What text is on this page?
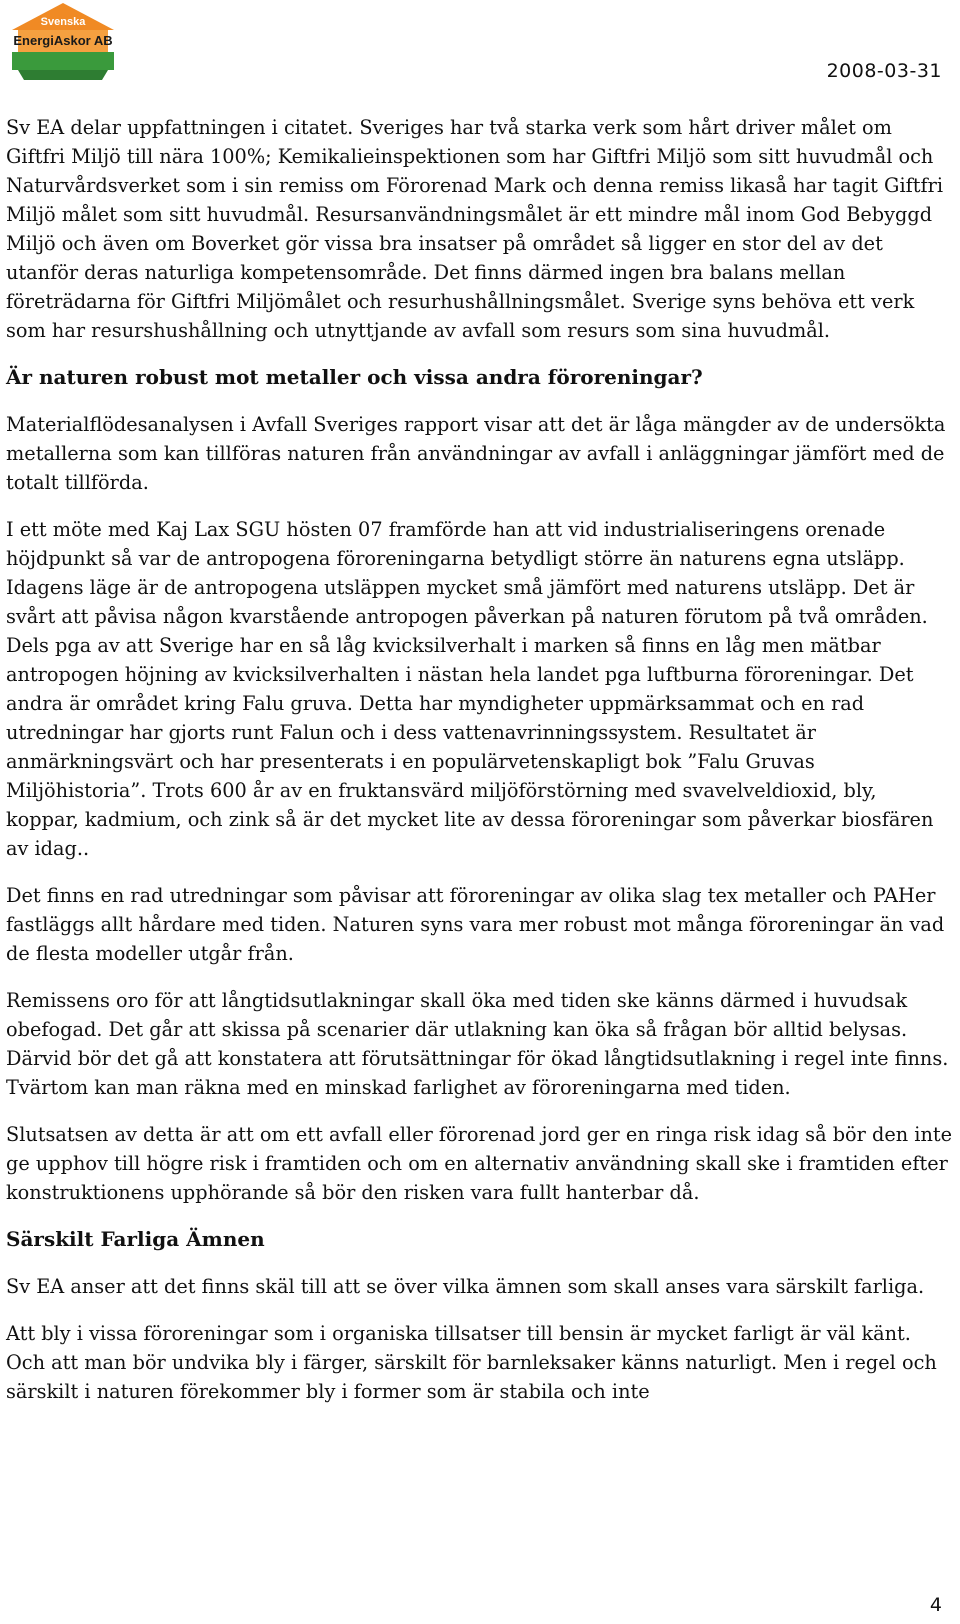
Svenska
EnergiAskor AB
2008-03-31

Sv EA delar uppfattningen i citatet. Sveriges har två starka verk som hårt driver målet om Giftfri Miljö till nära 100%; Kemikalieinspektionen som har Giftfri Miljö som sitt huvudmål och Naturvårdsverket som i sin remiss om Förorenad Mark och denna remiss likaså har tagit Giftfri Miljö målet som sitt huvudmål. Resursanvändningsmålet är ett mindre mål inom God Bebyggd Miljö och även om Boverket gör vissa bra insatser på området så ligger en stor del av det utanför deras naturliga kompetensområde. Det finns därmed ingen bra balans mellan företrädarna för Giftfri Miljömålet och resurhushållningsmålet. Sverige syns behöva ett verk som har resurshushållning och utnyttjande av avfall som resurs som sina huvudmål.

Är naturen robust mot metaller och vissa andra föroreningar?

Materialflödesanalysen i Avfall Sveriges rapport visar att det är låga mängder av de undersökta metallerna som kan tillföras naturen från användningar av avfall i anläggningar jämfört med de totalt tillförda.

I ett möte med Kaj Lax SGU hösten 07 framförde han att vid industrialiseringens orenade höjdpunkt så var de antropogena föroreningarna betydligt större än naturens egna utsläpp. Idagens läge är de antropogena utsläppen mycket små jämfört med naturens utsläpp. Det är svårt att påvisa någon kvarstående antropogen påverkan på naturen förutom på två områden. Dels pga av att Sverige har en så låg kvicksilverhalt i marken så finns en låg men mätbar antropogen höjning av kvicksilverhalten i nästan hela landet pga luftburna föroreningar. Det andra är området kring Falu gruva. Detta har myndigheter uppmärksammat och en rad utredningar har gjorts runt Falun och i dess vattenavrinningssystem. Resultatet är anmärkningsvärt och har presenterats i en populärvetenskapligt bok ”Falu Gruvas Miljöhistoria”. Trots 600 år av en fruktansvärd miljöförstörning med svavelveldioxid, bly, koppar, kadmium, och zink så är det mycket lite av dessa föroreningar som påverkar biosfären av idag..

Det finns en rad utredningar som påvisar att föroreningar av olika slag tex metaller och PAHer fastläggs allt hårdare med tiden. Naturen syns vara mer robust mot många föroreningar än vad de flesta modeller utgår från.

Remissens oro för att långtidsutlakningar skall öka med tiden ske känns därmed i huvudsak obefogad. Det går att skissa på scenarier där utlakning kan öka så frågan bör alltid belysas. Därvid bör det gå att konstatera att förutsättningar för ökad långtidsutlakning i regel inte finns. Tvärtom kan man räkna med en minskad farlighet av föroreningarna med tiden.

Slutsatsen av detta är att om ett avfall eller förorenad jord ger en ringa risk idag så bör den inte ge upphov till högre risk i framtiden och om en alternativ användning skall ske i framtiden efter konstruktionens upphörande så bör den risken vara fullt hanterbar då.

Särskilt Farliga Ämnen

Sv EA anser att det finns skäl till att se över vilka ämnen som skall anses vara särskilt farliga.

Att bly i vissa föroreningar som i organiska tillsatser till bensin är mycket farligt är väl känt. Och att man bör undvika bly i färger, särskilt för barnleksaker känns naturligt. Men i regel och särskilt i naturen förekommer bly i former som är stabila och inte

4
